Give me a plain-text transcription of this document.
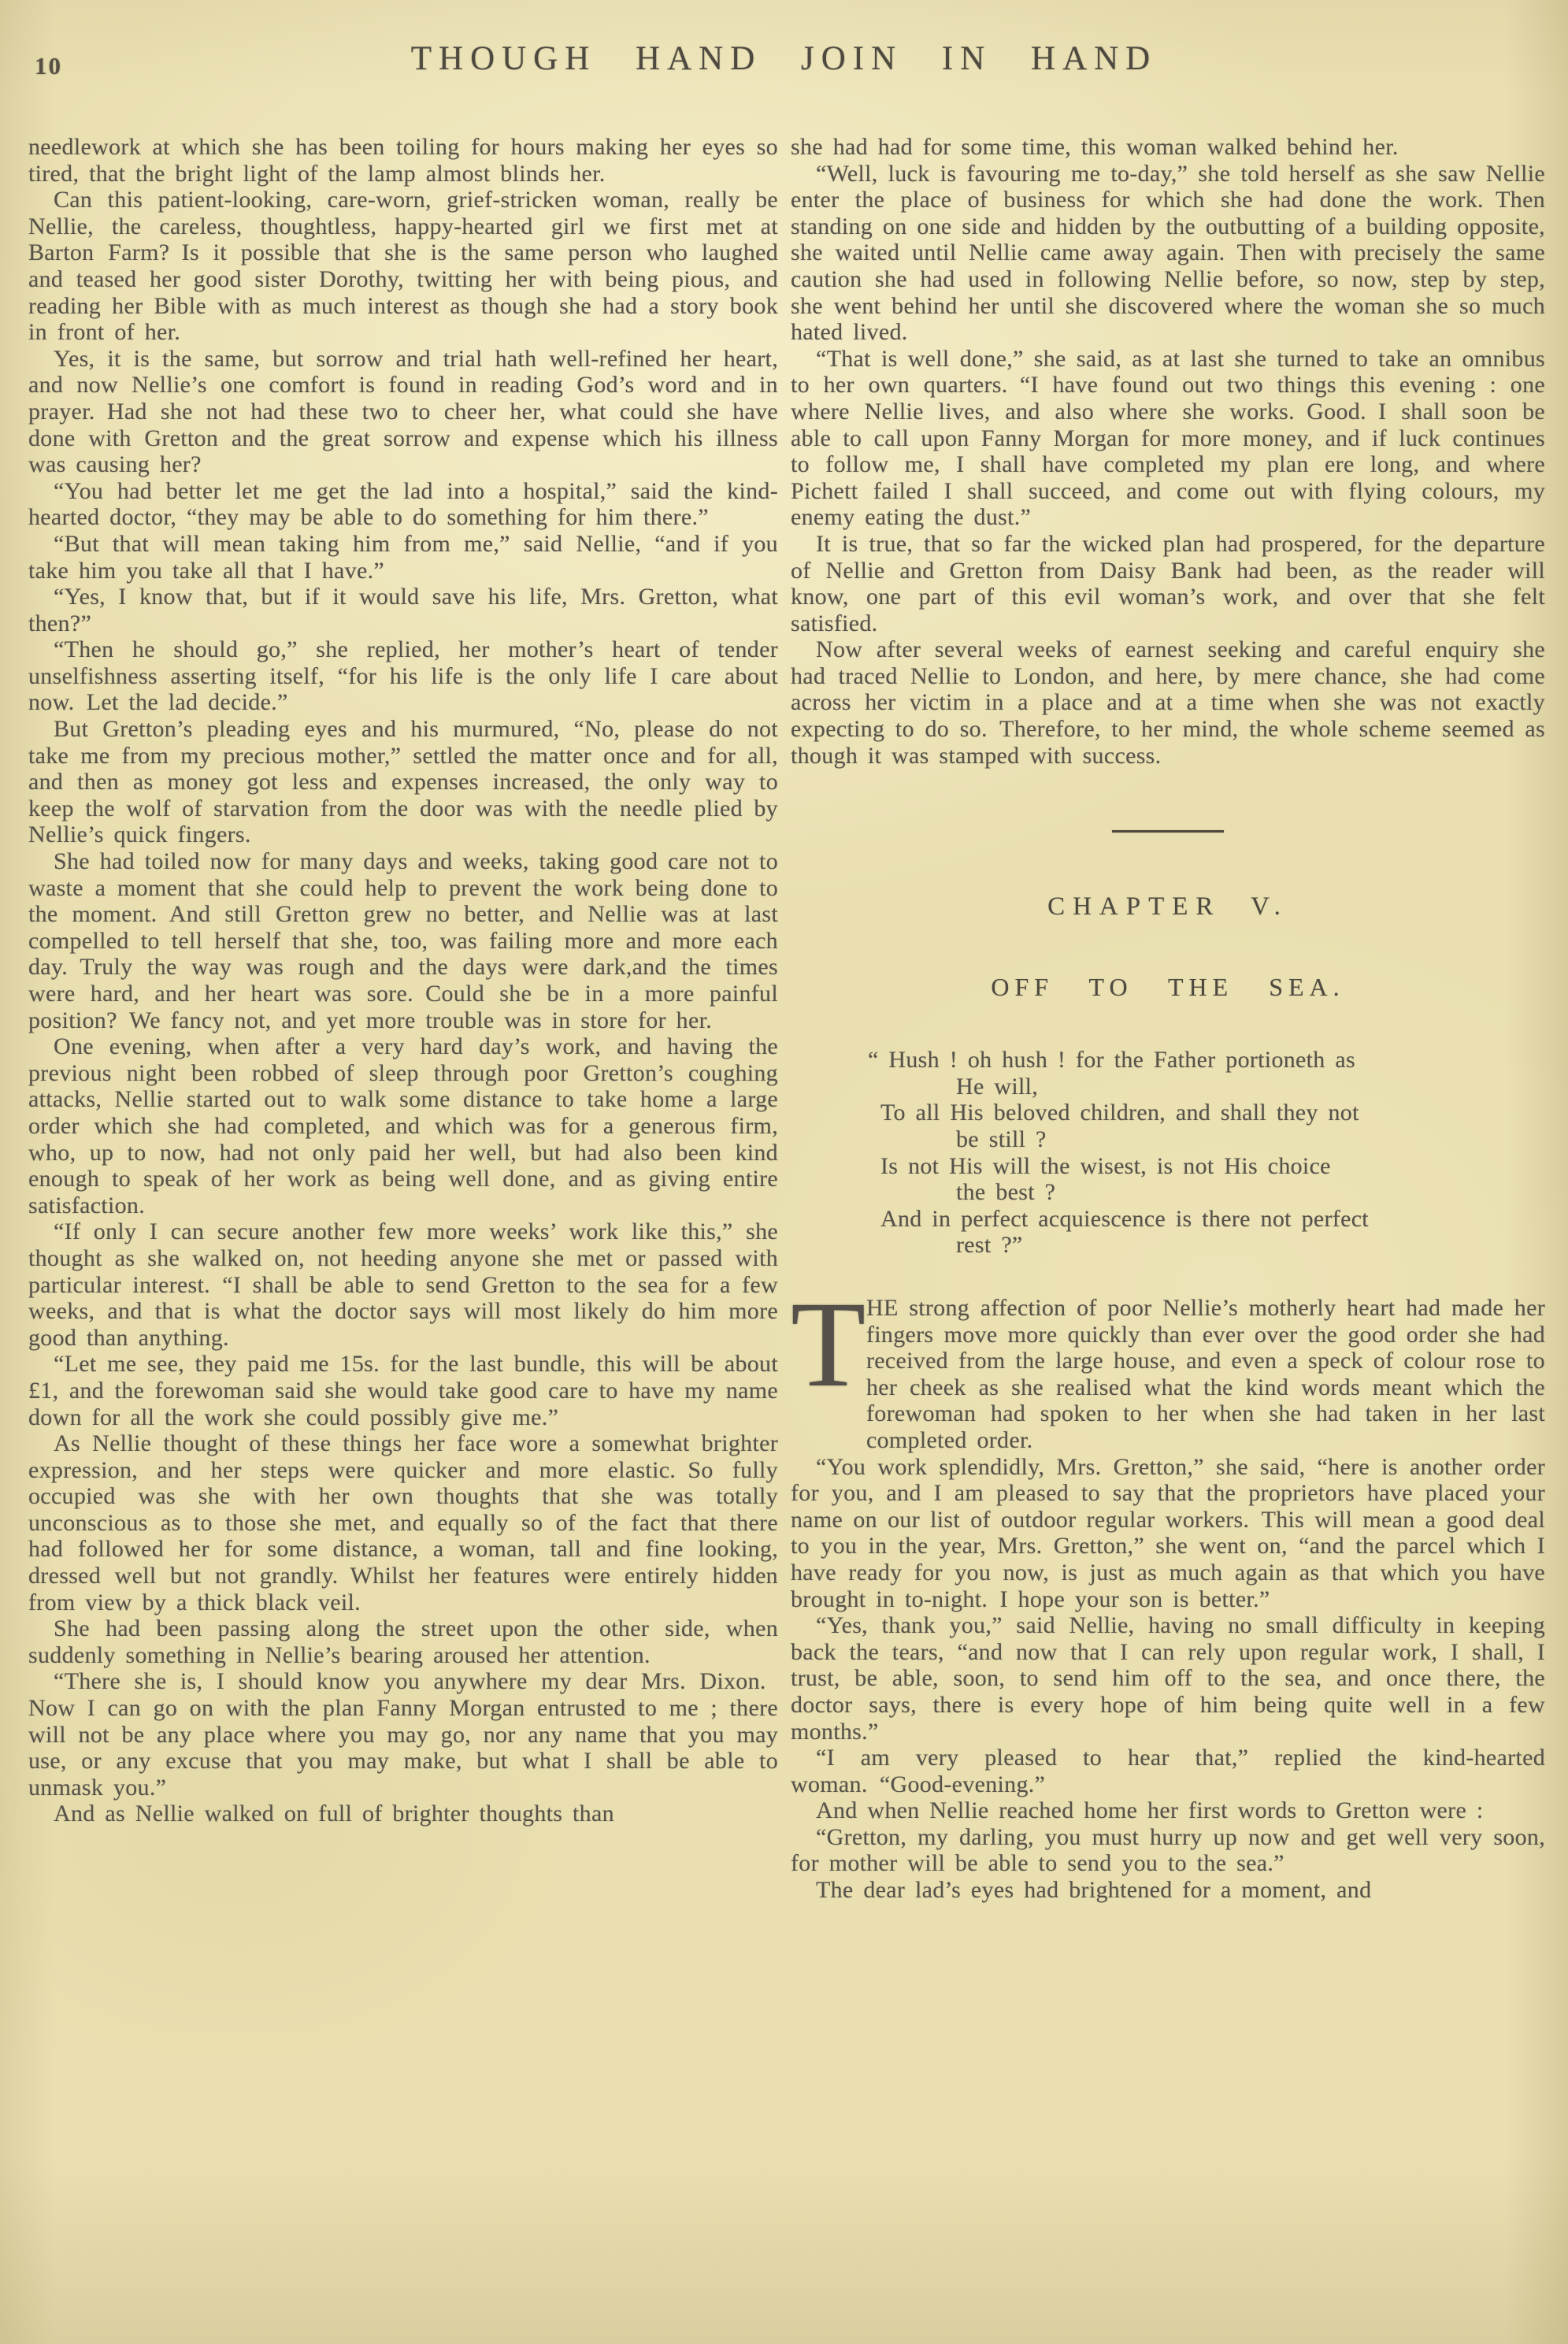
10	THOUGH HAND JOIN IN HAND

needlework at which she has been toiling for hours making her eyes so tired, that the bright light of the lamp almost blinds her.

Can this patient-looking, care-worn, grief-stricken woman, really be Nellie, the careless, thoughtless, happy-hearted girl we first met at Barton Farm? Is it possible that she is the same person who laughed and teased her good sister Dorothy, twitting her with being pious, and reading her Bible with as much interest as though she had a story book in front of her.

Yes, it is the same, but sorrow and trial hath well-refined her heart, and now Nellie’s one comfort is found in reading God’s word and in prayer. Had she not had these two to cheer her, what could she have done with Gretton and the great sorrow and expense which his illness was causing her?

“You had better let me get the lad into a hospital,” said the kind-hearted doctor, “they may be able to do something for him there.”

“But that will mean taking him from me,” said Nellie, “and if you take him you take all that I have.”

“Yes, I know that, but if it would save his life, Mrs. Gretton, what then?”

“Then he should go,” she replied, her mother’s heart of tender unselfishness asserting itself, “for his life is the only life I care about now. Let the lad decide.”

But Gretton’s pleading eyes and his murmured, “No, please do not take me from my precious mother,” settled the matter once and for all, and then as money got less and expenses increased, the only way to keep the wolf of starvation from the door was with the needle plied by Nellie’s quick fingers.

She had toiled now for many days and weeks, taking good care not to waste a moment that she could help to prevent the work being done to the moment. And still Gretton grew no better, and Nellie was at last compelled to tell herself that she, too, was failing more and more each day. Truly the way was rough and the days were dark,and the times were hard, and her heart was sore. Could she be in a more painful position? We fancy not, and yet more trouble was in store for her.

One evening, when after a very hard day’s work, and having the previous night been robbed of sleep through poor Gretton’s coughing attacks, Nellie started out to walk some distance to take home a large order which she had completed, and which was for a generous firm, who, up to now, had not only paid her well, but had also been kind enough to speak of her work as being well done, and as giving entire satisfaction.

“If only I can secure another few more weeks’ work like this,” she thought as she walked on, not heeding anyone she met or passed with particular interest. “I shall be able to send Gretton to the sea for a few weeks, and that is what the doctor says will most likely do him more good than anything.

“Let me see, they paid me 15s. for the last bundle, this will be about £1, and the forewoman said she would take good care to have my name down for all the work she could possibly give me.”

As Nellie thought of these things her face wore a somewhat brighter expression, and her steps were quicker and more elastic. So fully occupied was she with her own thoughts that she was totally unconscious as to those she met, and equally so of the fact that there had followed her for some distance, a woman, tall and fine looking, dressed well but not grandly. Whilst her features were entirely hidden from view by a thick black veil.

She had been passing along the street upon the other side, when suddenly something in Nellie’s bearing aroused her attention.

“There she is, I should know you anywhere my dear Mrs. Dixon. Now I can go on with the plan Fanny Morgan entrusted to me ; there will not be any place where you may go, nor any name that you may use, or any excuse that you may make, but what I shall be able to unmask you.”

And as Nellie walked on full of brighter thoughts than

she had had for some time, this woman walked behind her.

“Well, luck is favouring me to-day,” she told herself as she saw Nellie enter the place of business for which she had done the work. Then standing on one side and hidden by the outbutting of a building opposite, she waited until Nellie came away again. Then with precisely the same caution she had used in following Nellie before, so now, step by step, she went behind her until she discovered where the woman she so much hated lived.

“That is well done,” she said, as at last she turned to take an omnibus to her own quarters. “I have found out two things this evening : one where Nellie lives, and also where she works. Good. I shall soon be able to call upon Fanny Morgan for more money, and if luck continues to follow me, I shall have completed my plan ere long, and where Pichett failed I shall succeed, and come out with flying colours, my enemy eating the dust.”

It is true, that so far the wicked plan had prospered, for the departure of Nellie and Gretton from Daisy Bank had been, as the reader will know, one part of this evil woman’s work, and over that she felt satisfied.

Now after several weeks of earnest seeking and careful enquiry she had traced Nellie to London, and here, by mere chance, she had come across her victim in a place and at a time when she was not exactly expecting to do so. Therefore, to her mind, the whole scheme seemed as though it was stamped with success.

CHAPTER V.
OFF TO THE SEA.
“ Hush ! oh hush ! for the Father portioneth as
He will,
To all His beloved children, and shall they not
be still ?
Is not His will the wisest, is not His choice
the best ?
And in perfect acquiescence is there not perfect
rest ?”

THE strong affection of poor Nellie’s motherly heart had made her fingers move more quickly than ever over the good order she had received from the large house, and even a speck of colour rose to her cheek as she realised what the kind words meant which the forewoman had spoken to her when she had taken in her last completed order.

“You work splendidly, Mrs. Gretton,” she said, “here is another order for you, and I am pleased to say that the proprietors have placed your name on our list of outdoor regular workers. This will mean a good deal to you in the year, Mrs. Gretton,” she went on, “and the parcel which I have ready for you now, is just as much again as that which you have brought in to-night. I hope your son is better.”

“Yes, thank you,” said Nellie, having no small difficulty in keeping back the tears, “and now that I can rely upon regular work, I shall, I trust, be able, soon, to send him off to the sea, and once there, the doctor says, there is every hope of him being quite well in a few months.”

“I am very pleased to hear that,” replied the kind-hearted woman. “Good-evening.”

And when Nellie reached home her first words to Gretton were :

“Gretton, my darling, you must hurry up now and get well very soon, for mother will be able to send you to the sea.”

The dear lad’s eyes had brightened for a moment, and
